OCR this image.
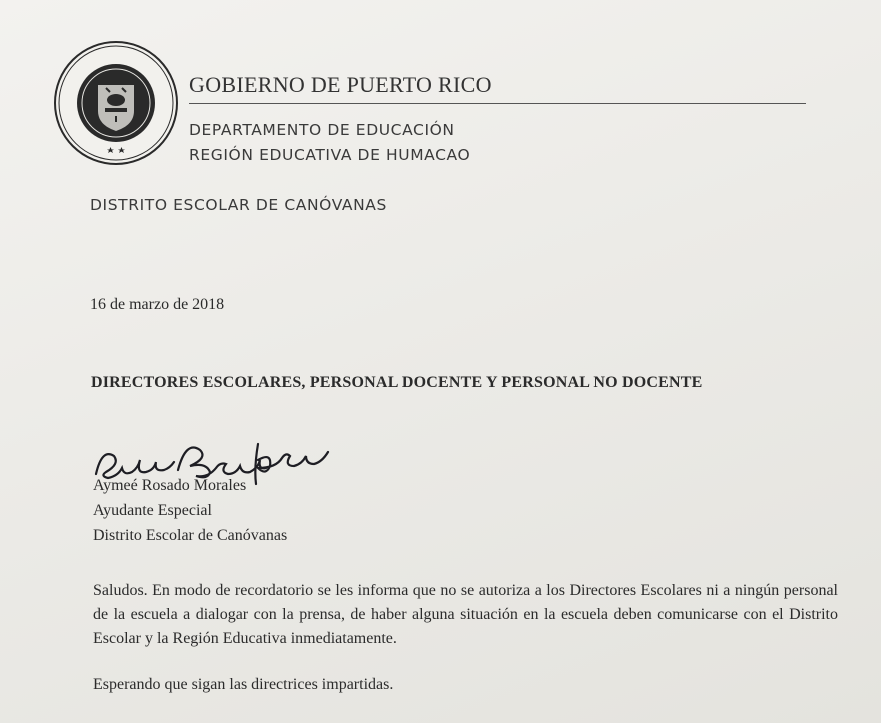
GOBIERNO DE PUERTO RICO
DEPARTAMENTO DE EDUCACIÓN
REGIÓN EDUCATIVA DE HUMACAO
DISTRITO ESCOLAR DE CANÓVANAS
16 de marzo de 2018
DIRECTORES ESCOLARES, PERSONAL DOCENTE Y PERSONAL NO DOCENTE
Aymeé Rosado Morales
Ayudante Especial
Distrito Escolar de Canóvanas

Saludos. En modo de recordatorio se les informa que no se autoriza a los Directores Escolares ni a ningún personal de la escuela a dialogar con la prensa, de haber alguna situación en la escuela deben comunicarse con el Distrito Escolar y la Región Educativa inmediatamente.

Esperando que sigan las directrices impartidas.
